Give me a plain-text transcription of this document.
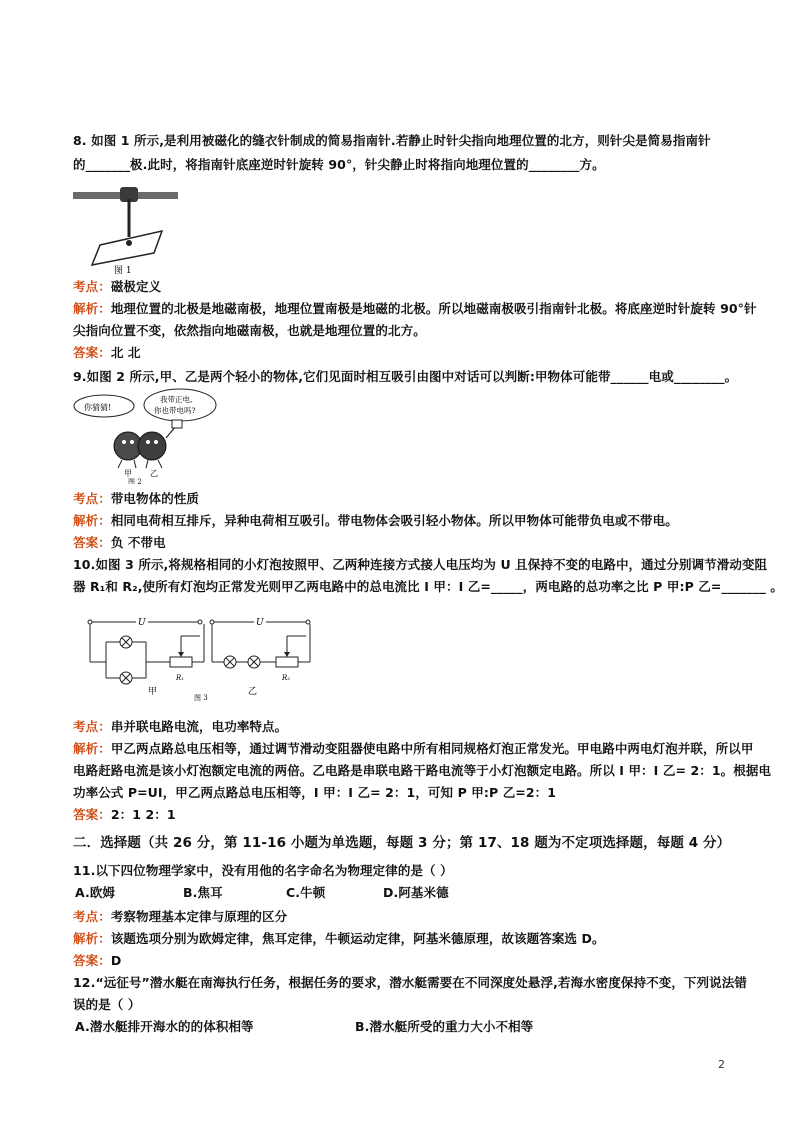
8. 如图 1 所示,是利用被磁化的缝衣针制成的简易指南针.若静止时针尖指向地理位置的北方，则针尖是简易指南针
的_______极.此时，将指南针底座逆时针旋转 90°，针尖静止时将指向地理位置的________方。
图 1
考点：磁极定义
解析：地理位置的北极是地磁南极，地理位置南极是地磁的北极。所以地磁南极吸引指南针北极。将底座逆时针旋转 90°针
尖指向位置不变，依然指向地磁南极，也就是地理位置的北方。
答案：北 北
9.如图 2 所示,甲、乙是两个轻小的物体,它们见面时相互吸引由图中对话可以判断:甲物体可能带______电或________。
你猜猜!
我带正电,
你也带电吗?
甲 乙
图 2
考点：带电物体的性质
解析：相同电荷相互排斥，异种电荷相互吸引。带电物体会吸引轻小物体。所以甲物体可能带负电或不带电。
答案：负 不带电
10.如图 3 所示,将规格相同的小灯泡按照甲、乙两种连接方式接人电压均为 U 且保持不变的电路中，通过分别调节滑动变阻
器 R₁和 R₂,使所有灯泡均正常发光则甲乙两电路中的总电流比 I 甲：I 乙=_____，两电路的总功率之比 P 甲:P 乙=_______ 。
U
R₁
甲
图 3
U
R₂
乙
考点：串并联电路电流，电功率特点。
解析：甲乙两点路总电压相等，通过调节滑动变阻器使电路中所有相同规格灯泡正常发光。甲电路中两电灯泡并联，所以甲
电路赶路电流是该小灯泡额定电流的两倍。乙电路是串联电路干路电流等于小灯泡额定电路。所以 I 甲：I 乙= 2：1。根据电
功率公式 P=UI，甲乙两点路总电压相等，I 甲：I 乙= 2：1，可知 P 甲:P 乙=2：1
答案：2：1 2：1
二．选择题（共 26 分，第 11-16 小题为单选题，每题 3 分；第 17、18 题为不定项选择题，每题 4 分）
11.以下四位物理学家中，没有用他的名字命名为物理定律的是（ ）
A.欧姆	B.焦耳	C.牛顿	D.阿基米德
考点：考察物理基本定律与原理的区分
解析：该题选项分别为欧姆定律，焦耳定律，牛顿运动定律，阿基米德原理，故该题答案选 D。
答案：D
12.“远征号”潜水艇在南海执行任务，根据任务的要求，潜水艇需要在不同深度处悬浮,若海水密度保持不变，下列说法错
误的是（ ）
A.潜水艇排开海水的的体积相等	B.潜水艇所受的重力大小不相等
2
